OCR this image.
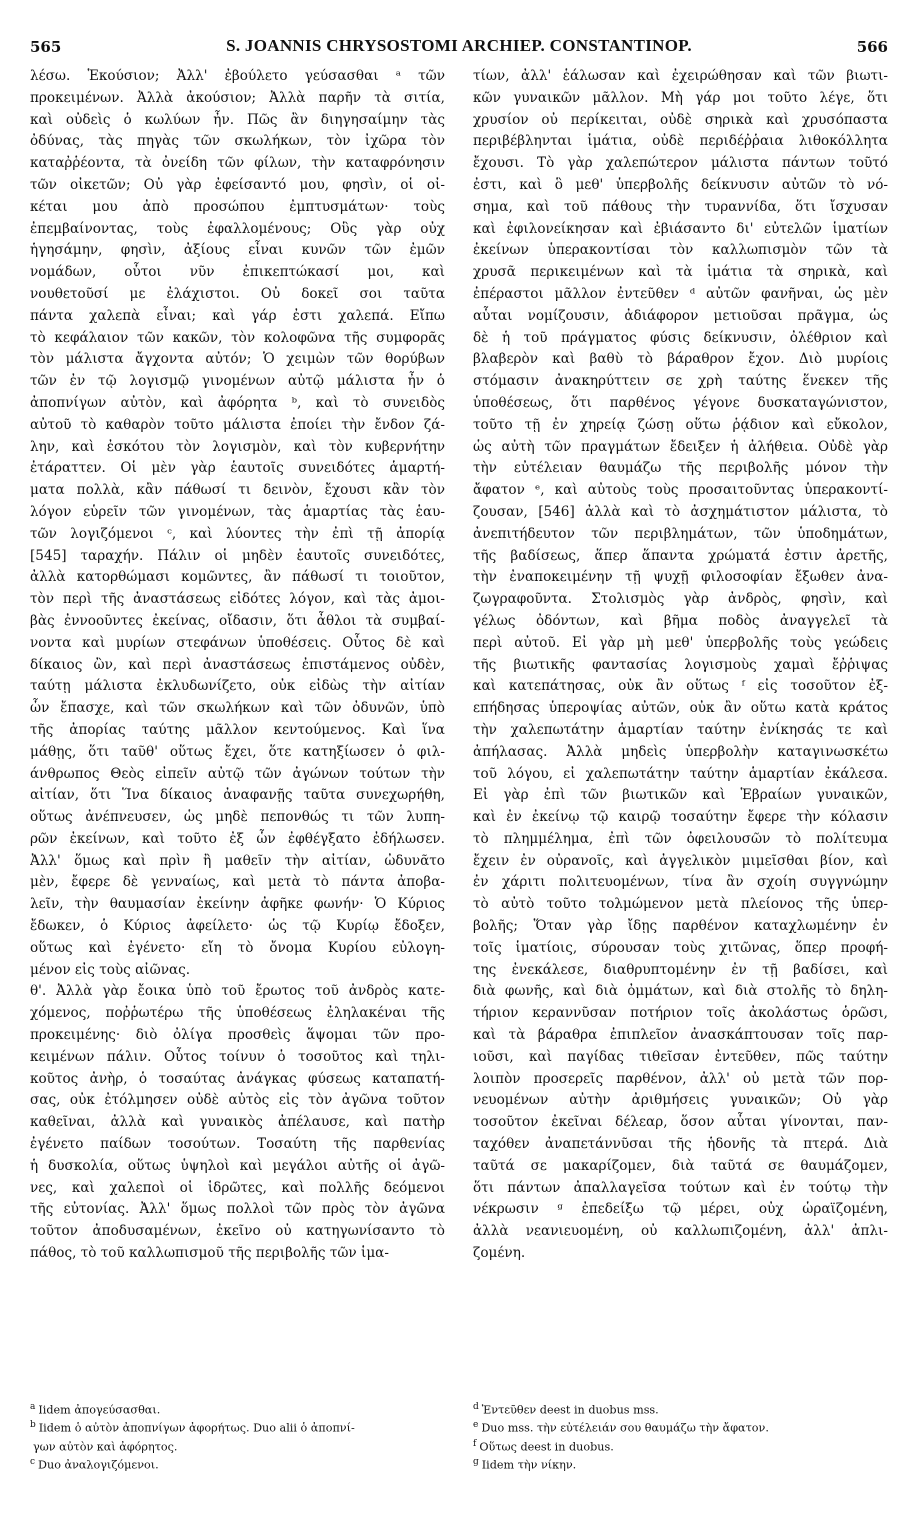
565	S. JOANNIS CHRYSOSTOMI ARCHIEP. CONSTANTINOP.	566
λέσω. Ἑκούσιον; Ἀλλ' ἐβούλετο γεύσασθαι ᵃ τῶν
προκειμένων. Ἀλλὰ ἀκούσιον; Ἀλλὰ παρῆν τὰ σιτία,
καὶ οὐδεὶς ὁ κωλύων ἦν. Πῶς ἂν διηγησαίμην τὰς
ὀδύνας, τὰς πηγὰς τῶν σκωλήκων, τὸν ἰχῶρα τὸν
καταῤῥέοντα, τὰ ὀνείδη τῶν φίλων, τὴν καταφρόνησιν
τῶν οἰκετῶν; Οὐ γὰρ ἐφείσαντό μου, φησὶν, οἱ οἰ-
κέται μου ἀπὸ προσώπου ἐμπτυσμάτων· τοὺς
ἐπεμβαίνοντας, τοὺς ἐφαλλομένους; Οὓς γὰρ οὐχ
ἡγησάμην, φησὶν, ἀξίους εἶναι κυνῶν τῶν ἐμῶν
νομάδων, οὗτοι νῦν ἐπικεπτώκασί μοι, καὶ
νουθετοῦσί με ἐλάχιστοι. Οὐ δοκεῖ σοι ταῦτα
πάντα χαλεπὰ εἶναι; καὶ γάρ ἐστι χαλεπά. Εἴπω
τὸ κεφάλαιον τῶν κακῶν, τὸν κολοφῶνα τῆς συμφορᾶς
τὸν μάλιστα ἄγχοντα αὐτόν; Ὁ χειμὼν τῶν θορύβων
τῶν ἐν τῷ λογισμῷ γινομένων αὐτῷ μάλιστα ἦν ὁ
ἀποπνίγων αὐτὸν, καὶ ἀφόρητα ᵇ, καὶ τὸ συνειδὸς
αὐτοῦ τὸ καθαρὸν τοῦτο μάλιστα ἐποίει τὴν ἔνδον ζά-
λην, καὶ ἐσκότου τὸν λογισμὸν, καὶ τὸν κυβερνήτην
ἐτάραττεν. Οἱ μὲν γὰρ ἑαυτοῖς συνειδότες ἁμαρτή-
ματα πολλὰ, κἂν πάθωσί τι δεινὸν, ἔχουσι κἂν τὸν
λόγον εὑρεῖν τῶν γινομένων, τὰς ἁμαρτίας τὰς ἑαυ-
τῶν λογιζόμενοι ᶜ, καὶ λύοντες τὴν ἐπὶ τῇ ἀπορίᾳ
[545] ταραχήν. Πάλιν οἱ μηδὲν ἑαυτοῖς συνειδότες,
ἀλλὰ κατορθώμασι κομῶντες, ἂν πάθωσί τι τοιοῦτον,
τὸν περὶ τῆς ἀναστάσεως εἰδότες λόγον, καὶ τὰς ἀμοι-
βὰς ἐννοοῦντες ἐκείνας, οἴδασιν, ὅτι ἆθλοι τὰ συμβαί-
νοντα καὶ μυρίων στεφάνων ὑποθέσεις. Οὗτος δὲ καὶ
δίκαιος ὢν, καὶ περὶ ἀναστάσεως ἐπιστάμενος οὐδὲν,
ταύτῃ μάλιστα ἐκλυδωνίζετο, οὐκ εἰδὼς τὴν αἰτίαν
ὧν ἔπασχε, καὶ τῶν σκωλήκων καὶ τῶν ὀδυνῶν, ὑπὸ
τῆς ἀπορίας ταύτης μᾶλλον κεντούμενος. Καὶ ἵνα
μάθῃς, ὅτι ταῦθ' οὕτως ἔχει, ὅτε κατηξίωσεν ὁ φιλ-
άνθρωπος Θεὸς εἰπεῖν αὐτῷ τῶν ἀγώνων τούτων τὴν
αἰτίαν, ὅτι Ἵνα δίκαιος ἀναφανῇς ταῦτα συνεχωρήθη,
οὕτως ἀνέπνευσεν, ὡς μηδὲ πεπονθώς τι τῶν λυπη-
ρῶν ἐκείνων, καὶ τοῦτο ἐξ ὧν ἐφθέγξατο ἐδήλωσεν.
Ἀλλ' ὅμως καὶ πρὶν ἢ μαθεῖν τὴν αἰτίαν, ὠδυνᾶτο
μὲν, ἔφερε δὲ γενναίως, καὶ μετὰ τὸ πάντα ἀποβα-
λεῖν, τὴν θαυμασίαν ἐκείνην ἀφῆκε φωνήν· Ὁ Κύριος
ἔδωκεν, ὁ Κύριος ἀφείλετο· ὡς τῷ Κυρίῳ ἔδοξεν,
οὕτως καὶ ἐγένετο· εἴη τὸ ὄνομα Κυρίου εὐλογη-
μένον εἰς τοὺς αἰῶνας.
θ'. Ἀλλὰ γὰρ ἔοικα ὑπὸ τοῦ ἔρωτος τοῦ ἀνδρὸς κατε-
χόμενος, ποῤῥωτέρω τῆς ὑποθέσεως ἐληλακέναι τῆς
προκειμένης· διὸ ὀλίγα προσθεὶς ἅψομαι τῶν προ-
κειμένων πάλιν. Οὗτος τοίνυν ὁ τοσοῦτος καὶ τηλι-
κοῦτος ἀνὴρ, ὁ τοσαύτας ἀνάγκας φύσεως καταπατή-
σας, οὐκ ἐτόλμησεν οὐδὲ αὐτὸς εἰς τὸν ἀγῶνα τοῦτον
καθεῖναι, ἀλλὰ καὶ γυναικὸς ἀπέλαυσε, καὶ πατὴρ
ἐγένετο παίδων τοσούτων. Τοσαύτη τῆς παρθενίας
ἡ δυσκολία, οὕτως ὑψηλοὶ καὶ μεγάλοι αὐτῆς οἱ ἀγῶ-
νες, καὶ χαλεποὶ οἱ ἱδρῶτες, καὶ πολλῆς δεόμενοι
τῆς εὐτονίας. Ἀλλ' ὅμως πολλοὶ τῶν πρὸς τὸν ἀγῶνα
τοῦτον ἀποδυσαμένων, ἐκεῖνο οὐ κατηγωνίσαντο τὸ
πάθος, τὸ τοῦ καλλωπισμοῦ τῆς περιβολῆς τῶν ἱμα-
τίων, ἀλλ' ἑάλωσαν καὶ ἐχειρώθησαν καὶ τῶν βιωτι-
κῶν γυναικῶν μᾶλλον. Μὴ γάρ μοι τοῦτο λέγε, ὅτι
χρυσίον οὐ περίκειται, οὐδὲ σηρικὰ καὶ χρυσόπαστα
περιβέβληνται ἱμάτια, οὐδὲ περιδέῤῥαια λιθοκόλλητα
ἔχουσι. Τὸ γὰρ χαλεπώτερον μάλιστα πάντων τοῦτό
ἐστι, καὶ ὃ μεθ' ὑπερβολῆς δείκνυσιν αὐτῶν τὸ νό-
σημα, καὶ τοῦ πάθους τὴν τυραννίδα, ὅτι ἴσχυσαν
καὶ ἐφιλονείκησαν καὶ ἐβιάσαντο δι' εὐτελῶν ἱματίων
ἐκείνων ὑπερακοντίσαι τὸν καλλωπισμὸν τῶν τὰ
χρυσᾶ περικειμένων καὶ τὰ ἱμάτια τὰ σηρικὰ, καὶ
ἐπέραστοι μᾶλλον ἐντεῦθεν ᵈ αὐτῶν φανῆναι, ὡς μὲν
αὗται νομίζουσιν, ἀδιάφορον μετιοῦσαι πρᾶγμα, ὡς
δὲ ἡ τοῦ πράγματος φύσις δείκνυσιν, ὀλέθριον καὶ
βλαβερὸν καὶ βαθὺ τὸ βάραθρον ἔχον. Διὸ μυρίοις
στόμασιν ἀνακηρύττειν σε χρὴ ταύτης ἕνεκεν τῆς
ὑποθέσεως, ὅτι παρθένος γέγονε δυσκαταγώνιστον,
τοῦτο τῇ ἐν χηρείᾳ ζώσῃ οὕτω ῥᾴδιον καὶ εὔκολον,
ὡς αὐτὴ τῶν πραγμάτων ἔδειξεν ἡ ἀλήθεια. Οὐδὲ γὰρ
τὴν εὐτέλειαν θαυμάζω τῆς περιβολῆς μόνον τὴν
ἄφατον ᵉ, καὶ αὐτοὺς τοὺς προσαιτοῦντας ὑπερακοντί-
ζουσαν, [546] ἀλλὰ καὶ τὸ ἀσχημάτιστον μάλιστα, τὸ
ἀνεπιτήδευτον τῶν περιβλημάτων, τῶν ὑποδημάτων,
τῆς βαδίσεως, ἅπερ ἅπαντα χρώματά ἐστιν ἀρετῆς,
τὴν ἐναποκειμένην τῇ ψυχῇ φιλοσοφίαν ἔξωθεν ἀνα-
ζωγραφοῦντα. Στολισμὸς γὰρ ἀνδρὸς, φησὶν, καὶ
γέλως ὀδόντων, καὶ βῆμα ποδὸς ἀναγγελεῖ τὰ
περὶ αὐτοῦ. Εἰ γὰρ μὴ μεθ' ὑπερβολῆς τοὺς γεώδεις
τῆς βιωτικῆς φαντασίας λογισμοὺς χαμαὶ ἔῤῥιψας
καὶ κατεπάτησας, οὐκ ἂν οὕτως ᶠ εἰς τοσοῦτον ἐξ-
επήδησας ὑπεροψίας αὐτῶν, οὐκ ἂν οὕτω κατὰ κράτος
τὴν χαλεπωτάτην ἁμαρτίαν ταύτην ἐνίκησάς τε καὶ
ἀπήλασας. Ἀλλὰ μηδεὶς ὑπερβολὴν καταγινωσκέτω
τοῦ λόγου, εἰ χαλεπωτάτην ταύτην ἁμαρτίαν ἐκάλεσα.
Εἰ γὰρ ἐπὶ τῶν βιωτικῶν καὶ Ἑβραίων γυναικῶν,
καὶ ἐν ἐκείνῳ τῷ καιρῷ τοσαύτην ἔφερε τὴν κόλασιν
τὸ πλημμέλημα, ἐπὶ τῶν ὀφειλουσῶν τὸ πολίτευμα
ἔχειν ἐν οὐρανοῖς, καὶ ἀγγελικὸν μιμεῖσθαι βίον, καὶ
ἐν χάριτι πολιτευομένων, τίνα ἂν σχοίη συγγνώμην
τὸ αὐτὸ τοῦτο τολμώμενον μετὰ πλείονος τῆς ὑπερ-
βολῆς; Ὅταν γὰρ ἴδῃς παρθένον καταχλωμένην ἐν
τοῖς ἱματίοις, σύρουσαν τοὺς χιτῶνας, ὅπερ προφή-
της ἐνεκάλεσε, διαθρυπτομένην ἐν τῇ βαδίσει, καὶ
διὰ φωνῆς, καὶ διὰ ὀμμάτων, καὶ διὰ στολῆς τὸ δηλη-
τήριον κεραννῦσαν ποτήριον τοῖς ἀκολάστως ὁρῶσι,
καὶ τὰ βάραθρα ἐπιπλεῖον ἀνασκάπτουσαν τοῖς παρ-
ιοῦσι, καὶ παγίδας τιθεῖσαν ἐντεῦθεν, πῶς ταύτην
λοιπὸν προσερεῖς παρθένον, ἀλλ' οὐ μετὰ τῶν πορ-
νευομένων αὐτὴν ἀριθμήσεις γυναικῶν; Οὐ γὰρ
τοσοῦτον ἐκεῖναι δέλεαρ, ὅσον αὗται γίνονται, παν-
ταχόθεν ἀναπετάννῦσαι τῆς ἡδονῆς τὰ πτερά. Διὰ
ταῦτά σε μακαρίζομεν, διὰ ταῦτά σε θαυμάζομεν,
ὅτι πάντων ἀπαλλαγεῖσα τούτων καὶ ἐν τούτῳ τὴν
νέκρωσιν ᵍ ἐπεδείξω τῷ μέρει, οὐχ ὡραϊζομένη,
ἀλλὰ νεανιευομένη, οὐ καλλωπιζομένη, ἀλλ' ἀπλι-
ζομένη.
$^a$ Iidem ἀπογεύσασθαι.
$^b$ Iidem ὁ αὐτὸν ἀποπνίγων ἀφορήτως. Duo alii ὁ ἀποπνί-
γων αὐτὸν καὶ ἀφόρητος.
$^c$ Duo ἀναλογιζόμενοι.
$^d$ Ἐντεῦθεν deest in duobus mss.
$^e$ Duo mss. τὴν εὐτέλειάν σου θαυμάζω τὴν ἄφατον.
$^f$ Οὕτως deest in duobus.
$^g$ Iidem τὴν νίκην.
